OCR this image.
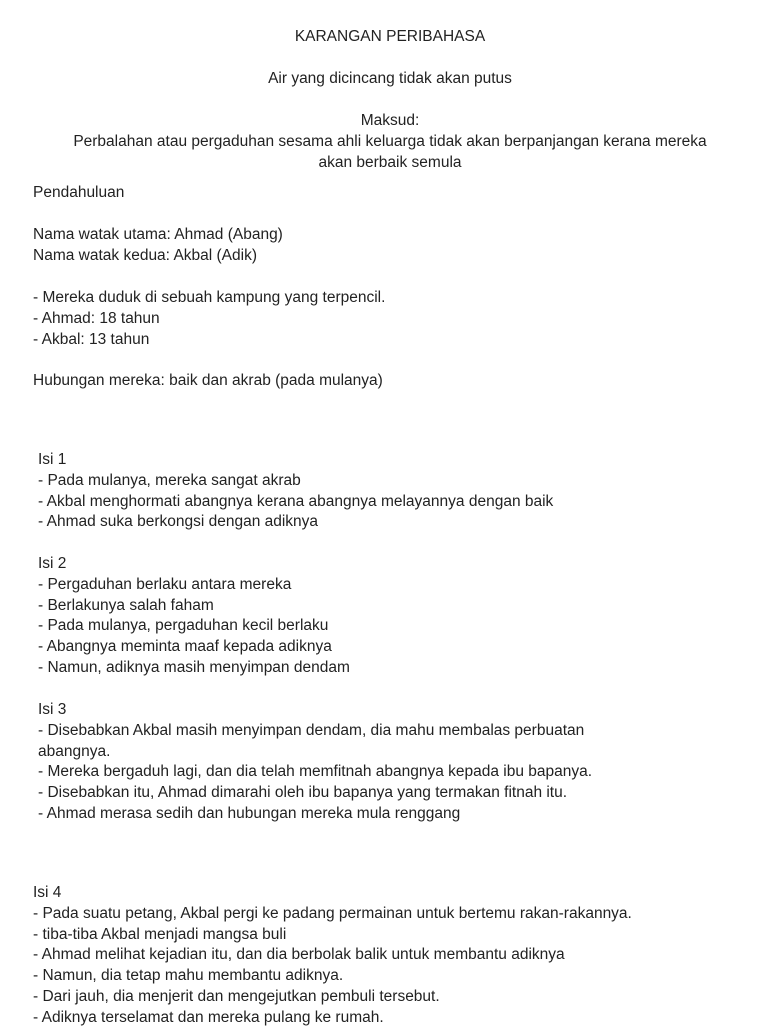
KARANGAN PERIBAHASA
Air yang dicincang tidak akan putus
Maksud:
Perbalahan atau pergaduhan sesama ahli keluarga tidak akan berpanjangan kerana mereka
akan berbaik semula
Pendahuluan
Nama watak utama: Ahmad (Abang)
Nama watak kedua: Akbal (Adik)
- Mereka duduk di sebuah kampung yang terpencil.
- Ahmad: 18 tahun
- Akbal: 13 tahun
Hubungan mereka: baik dan akrab (pada mulanya)
Isi 1
- Pada mulanya, mereka sangat akrab
- Akbal menghormati abangnya kerana abangnya melayannya dengan baik
- Ahmad suka berkongsi dengan adiknya
Isi 2
- Pergaduhan berlaku antara mereka
- Berlakunya salah faham
- Pada mulanya, pergaduhan kecil berlaku
- Abangnya meminta maaf kepada adiknya
- Namun, adiknya masih menyimpan dendam
Isi 3
- Disebabkan Akbal masih menyimpan dendam, dia mahu membalas perbuatan
abangnya.
- Mereka bergaduh lagi, dan dia telah memfitnah abangnya kepada ibu bapanya.
- Disebabkan itu, Ahmad dimarahi oleh ibu bapanya yang termakan fitnah itu.
- Ahmad merasa sedih dan hubungan mereka mula renggang
Isi 4
- Pada suatu petang, Akbal pergi ke padang permainan untuk bertemu rakan-rakannya.
- tiba-tiba Akbal menjadi mangsa buli
- Ahmad melihat kejadian itu, dan dia berbolak balik untuk membantu adiknya
- Namun, dia tetap mahu membantu adiknya.
- Dari jauh, dia menjerit dan mengejutkan pembuli tersebut.
- Adiknya terselamat dan mereka pulang ke rumah.
